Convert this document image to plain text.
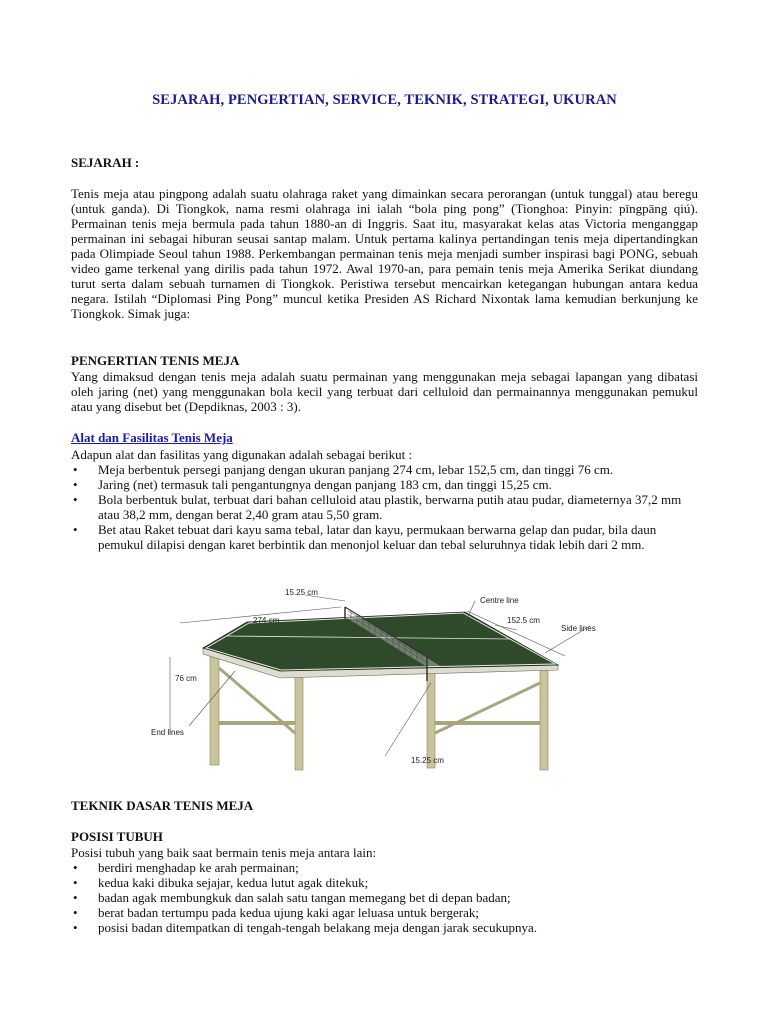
SEJARAH, PENGERTIAN, SERVICE, TEKNIK, STRATEGI, UKURAN

SEJARAH :

Tenis meja atau pingpong adalah suatu olahraga raket yang dimainkan secara perorangan (untuk tunggal) atau beregu (untuk ganda). Di Tiongkok, nama resmi olahraga ini ialah “bola ping pong” (Tionghoa: Pinyin: pīngpāng qiú). Permainan tenis meja bermula pada tahun 1880-an di Inggris. Saat itu, masyarakat kelas atas Victoria menganggap permainan ini sebagai hiburan seusai santap malam. Untuk pertama kalinya pertandingan tenis meja dipertandingkan pada Olimpiade Seoul tahun 1988. Perkembangan permainan tenis meja menjadi sumber inspirasi bagi PONG, sebuah video game terkenal yang dirilis pada tahun 1972. Awal 1970-an, para pemain tenis meja Amerika Serikat diundang turut serta dalam sebuah turnamen di Tiongkok. Peristiwa tersebut mencairkan ketegangan hubungan antara kedua negara. Istilah “Diplomasi Ping Pong” muncul ketika Presiden AS Richard Nixontak lama kemudian berkunjung ke Tiongkok. Simak juga:

PENGERTIAN TENIS MEJA

Yang dimaksud dengan tenis meja adalah suatu permainan yang menggunakan meja sebagai lapangan yang dibatasi oleh jaring (net) yang menggunakan bola kecil yang terbuat dari celluloid dan permainannya menggunakan pemukul atau yang disebut bet (Depdiknas, 2003 : 3).

Alat dan Fasilitas Tenis Meja

Adapun alat dan fasilitas yang digunakan adalah sebagai berikut :

• Meja berbentuk persegi panjang dengan ukuran panjang 274 cm, lebar 152,5 cm, dan tinggi 76 cm.
• Jaring (net) termasuk tali pengantungnya dengan panjang 183 cm, dan tinggi 15,25 cm.
• Bola berbentuk bulat, terbuat dari bahan celluloid atau plastik, berwarna putih atau pudar, diameternya 37,2 mm atau 38,2 mm, dengan berat 2,40 gram atau 5,50 gram.
• Bet atau Raket tebuat dari kayu sama tebal, latar dan kayu, permukaan berwarna gelap dan pudar, bila daun pemukul dilapisi dengan karet berbintik dan menonjol keluar dan tebal seluruhnya tidak lebih dari 2 mm.

TEKNIK DASAR TENIS MEJA

POSISI TUBUH

Posisi tubuh yang baik saat bermain tenis meja antara lain:

• berdiri menghadap ke arah permainan;
• kedua kaki dibuka sejajar, kedua lutut agak ditekuk;
• badan agak membungkuk dan salah satu tangan memegang bet di depan badan;
• berat badan tertumpu pada kedua ujung kaki agar leluasa untuk bergerak;
• posisi badan ditempatkan di tengah-tengah belakang meja dengan jarak secukupnya.
15.25 cm
274 cm
Centre line
152.5 cm
Side lines
76 cm
End lines
15.25 cm
